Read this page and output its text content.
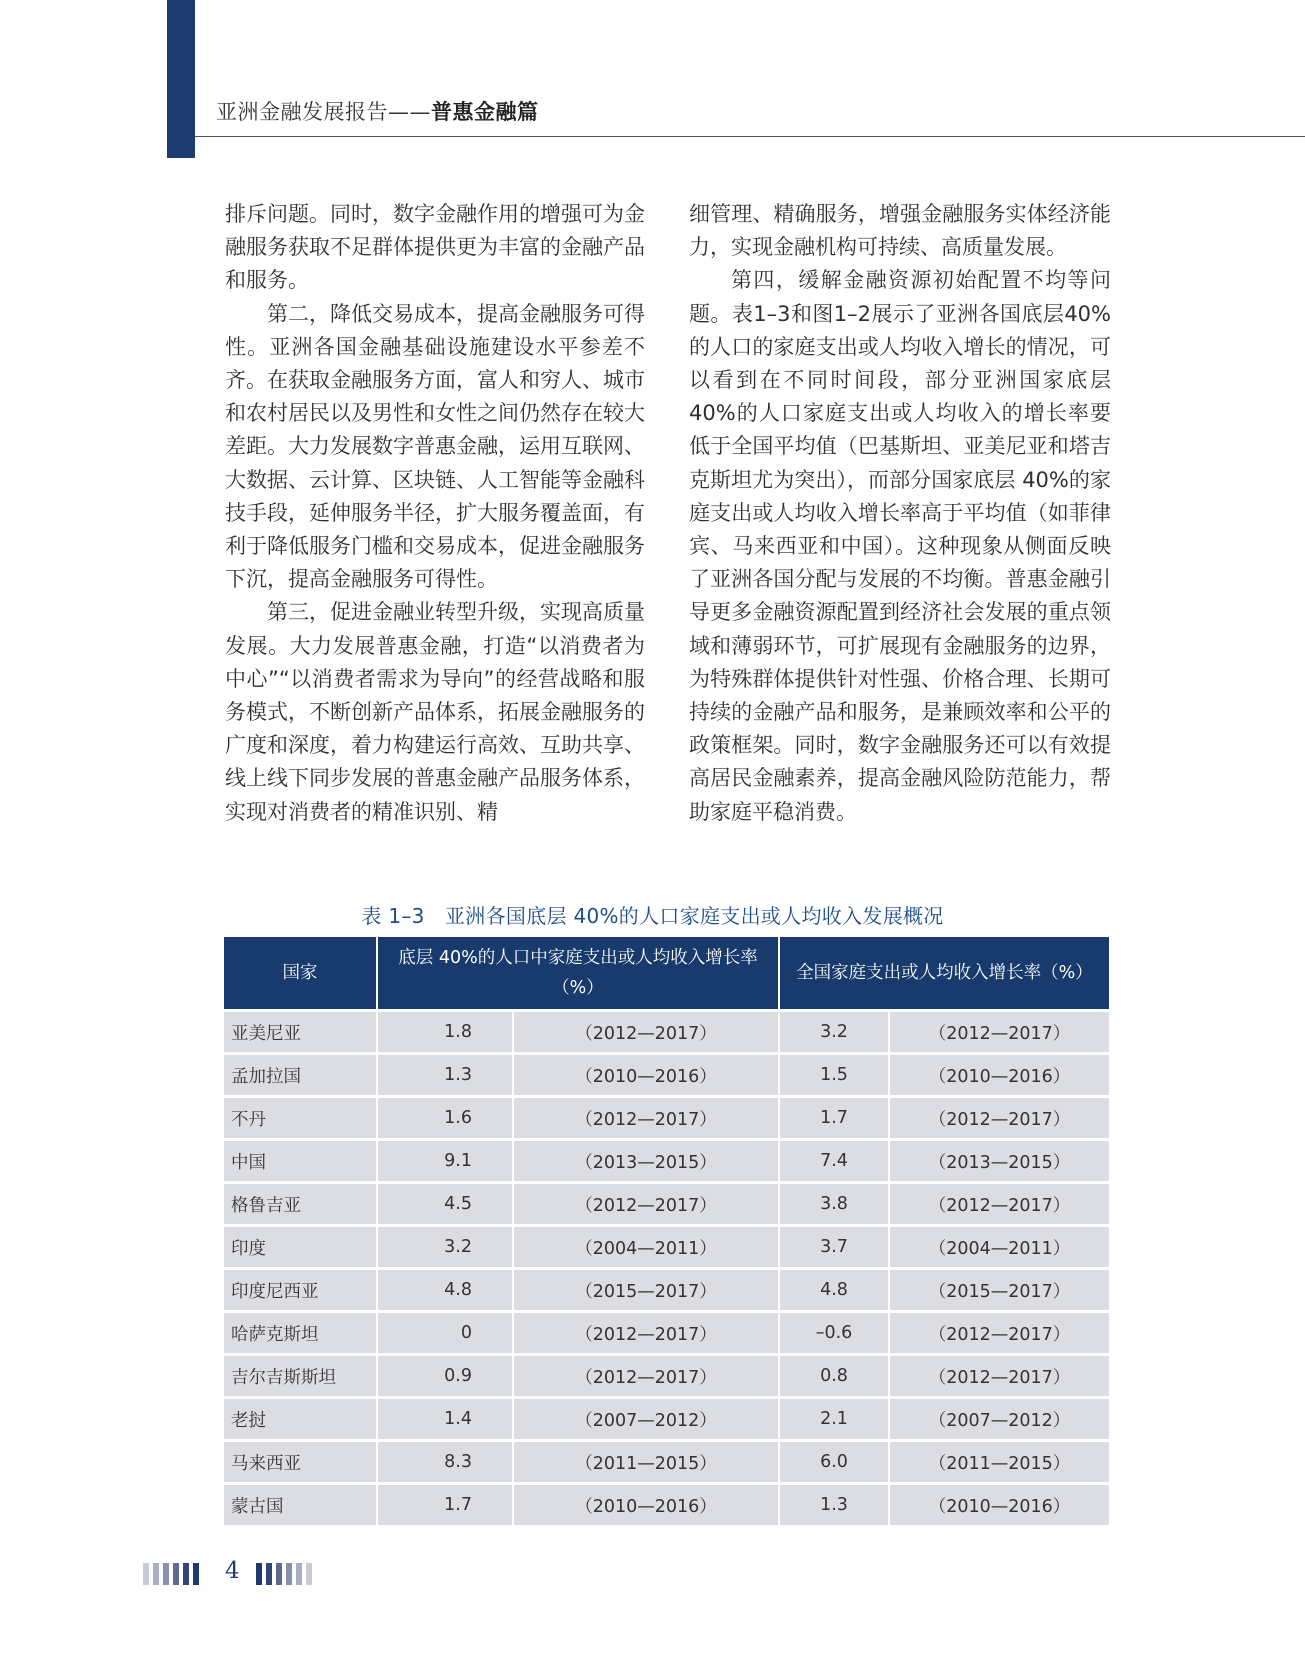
亚洲金融发展报告——普惠金融篇

排斥问题。同时，数字金融作用的增强可为金融服务获取不足群体提供更为丰富的金融产品和服务。

第二，降低交易成本，提高金融服务可得性。亚洲各国金融基础设施建设水平参差不齐。在获取金融服务方面，富人和穷人、城市和农村居民以及男性和女性之间仍然存在较大差距。大力发展数字普惠金融，运用互联网、大数据、云计算、区块链、人工智能等金融科技手段，延伸服务半径，扩大服务覆盖面，有利于降低服务门槛和交易成本，促进金融服务下沉，提高金融服务可得性。

第三，促进金融业转型升级，实现高质量发展。大力发展普惠金融，打造“以消费者为中心”“以消费者需求为导向”的经营战略和服务模式，不断创新产品体系，拓展金融服务的广度和深度，着力构建运行高效、互助共享、线上线下同步发展的普惠金融产品服务体系，实现对消费者的精准识别、精

细管理、精确服务，增强金融服务实体经济能力，实现金融机构可持续、高质量发展。

第四，缓解金融资源初始配置不均等问题。表1–3和图1–2展示了亚洲各国底层40%的人口的家庭支出或人均收入增长的情况，可以看到在不同时间段，部分亚洲国家底层40%的人口家庭支出或人均收入的增长率要低于全国平均值（巴基斯坦、亚美尼亚和塔吉克斯坦尤为突出），而部分国家底层 40%的家庭支出或人均收入增长率高于平均值（如菲律宾、马来西亚和中国）。这种现象从侧面反映了亚洲各国分配与发展的不均衡。普惠金融引导更多金融资源配置到经济社会发展的重点领域和薄弱环节，可扩展现有金融服务的边界，为特殊群体提供针对性强、价格合理、长期可持续的金融产品和服务，是兼顾效率和公平的政策框架。同时，数字金融服务还可以有效提高居民金融素养，提高金融风险防范能力，帮助家庭平稳消费。

表 1–3　亚洲各国底层 40%的人口家庭支出或人均收入发展概况
国家	底层 40%的人口中家庭支出或人均收入增长率（%）		全国家庭支出或人均收入增长率（%）	
亚美尼亚	1.8	（2012—2017）	3.2	（2012—2017）
孟加拉国	1.3	（2010—2016）	1.5	（2010—2016）
不丹	1.6	（2012—2017）	1.7	（2012—2017）
中国	9.1	（2013—2015）	7.4	（2013—2015）
格鲁吉亚	4.5	（2012—2017）	3.8	（2012—2017）
印度	3.2	（2004—2011）	3.7	（2004—2011）
印度尼西亚	4.8	（2015—2017）	4.8	（2015—2017）
哈萨克斯坦	0	（2012—2017）	–0.6	（2012—2017）
吉尔吉斯斯坦	0.9	（2012—2017）	0.8	（2012—2017）
老挝	1.4	（2007—2012）	2.1	（2007—2012）
马来西亚	8.3	（2011—2015）	6.0	（2011—2015）
蒙古国	1.7	（2010—2016）	1.3	（2010—2016）
4
